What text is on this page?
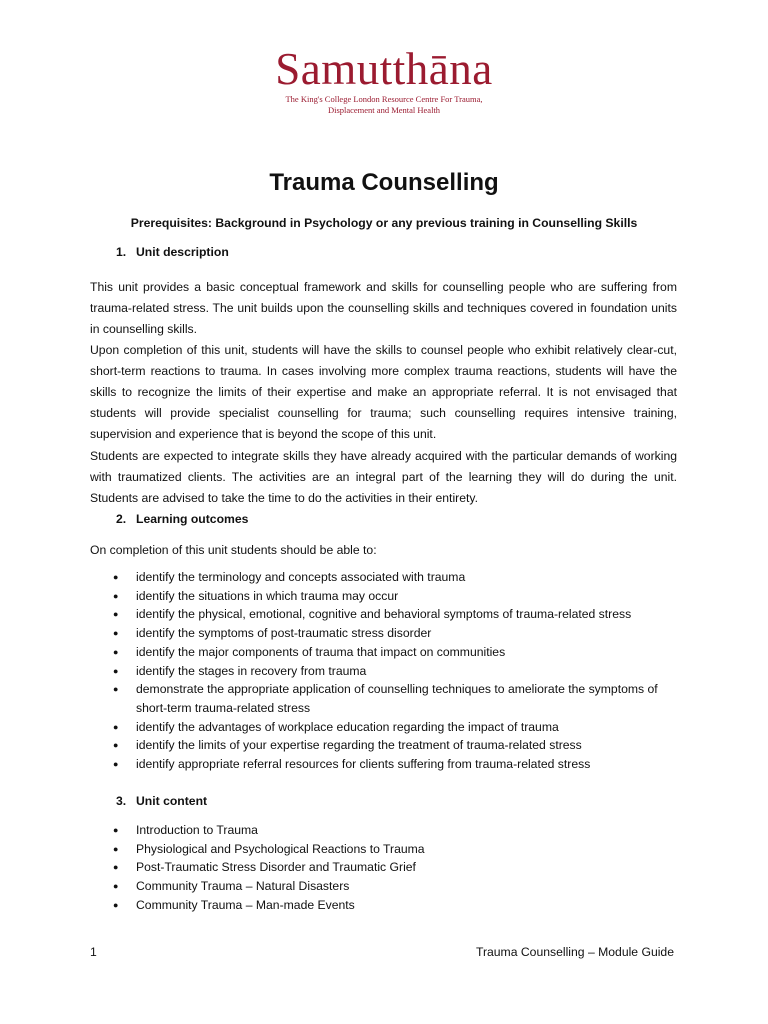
Samutthāna
The King's College London Resource Centre For Trauma,
Displacement and Mental Health
Trauma Counselling
Prerequisites: Background in Psychology or any previous training in Counselling Skills
1. Unit description

This unit provides a basic conceptual framework and skills for counselling people who are suffering from trauma-related stress. The unit builds upon the counselling skills and techniques covered in foundation units in counselling skills.

Upon completion of this unit, students will have the skills to counsel people who exhibit relatively clear-cut, short-term reactions to trauma. In cases involving more complex trauma reactions, students will have the skills to recognize the limits of their expertise and make an appropriate referral. It is not envisaged that students will provide specialist counselling for trauma; such counselling requires intensive training, supervision and experience that is beyond the scope of this unit.

Students are expected to integrate skills they have already acquired with the particular demands of working with traumatized clients. The activities are an integral part of the learning they will do during the unit. Students are advised to take the time to do the activities in their entirety.

2. Learning outcomes

On completion of this unit students should be able to:

● identify the terminology and concepts associated with trauma
● identify the situations in which trauma may occur
● identify the physical, emotional, cognitive and behavioral symptoms of trauma-related stress
● identify the symptoms of post-traumatic stress disorder
● identify the major components of trauma that impact on communities
● identify the stages in recovery from trauma
● demonstrate the appropriate application of counselling techniques to ameliorate the symptoms of short-term trauma-related stress
● identify the advantages of workplace education regarding the impact of trauma
● identify the limits of your expertise regarding the treatment of trauma-related stress
● identify appropriate referral resources for clients suffering from trauma-related stress
3. Unit content
● Introduction to Trauma
● Physiological and Psychological Reactions to Trauma
● Post-Traumatic Stress Disorder and Traumatic Grief
● Community Trauma – Natural Disasters
● Community Trauma – Man-made Events
1	Trauma Counselling – Module Guide
